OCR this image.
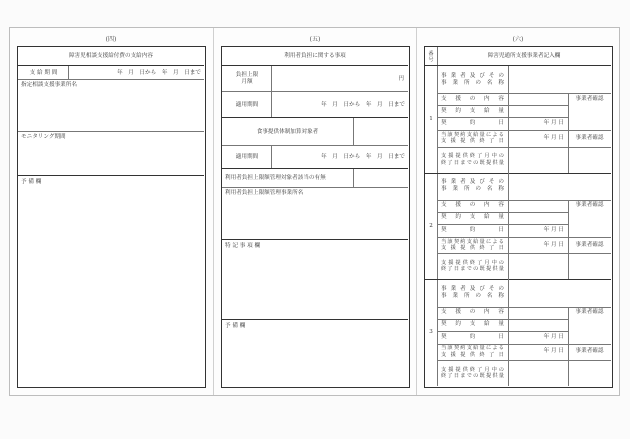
(四)
障害児相談支援給付費の支給内容
支 給 期 間	年　月　日から　年　月　日まで
指定相談支援事業所名
モニタリング期間
予 備 欄
(五)
利用者負担に関する事項
負担上限
月額
円
適用期間	年　月　日から　年　月　日まで
食事提供体制加算対象者
適用期間	年　月　日から　年　月　日まで
利用者負担上限額管理対象者該当の有無
利用者負担上限額管理事業所名
特 記 事 項 欄
予 備 欄
(六)
番号
障害児通所支援事業者記入欄
1
事 業 者 及 び そ の
事 業 所 の 名 称
支 援 の 内 容	事業者確認
契 約 支 給 量
契　　約　　日	年 月 日
当該契約支給量による
支 援 提 供 終 了 日
年 月 日 事業者確認
支援提供終了月中の
終了日までの既提供量
2
事 業 者 及 び そ の
事 業 所 の 名 称
支 援 の 内 容	事業者確認
契 約 支 給 量
契　　約　　日	年 月 日
当該契約支給量による
支 援 提 供 終 了 日
年 月 日 事業者確認
支援提供終了月中の
終了日までの既提供量
3
事 業 者 及 び そ の
事 業 所 の 名 称
支 援 の 内 容	事業者確認
契 約 支 給 量
契　　約　　日	年 月 日
当該契約支給量による
支 援 提 供 終 了 日
年 月 日 事業者確認
支援提供終了月中の
終了日までの既提供量
